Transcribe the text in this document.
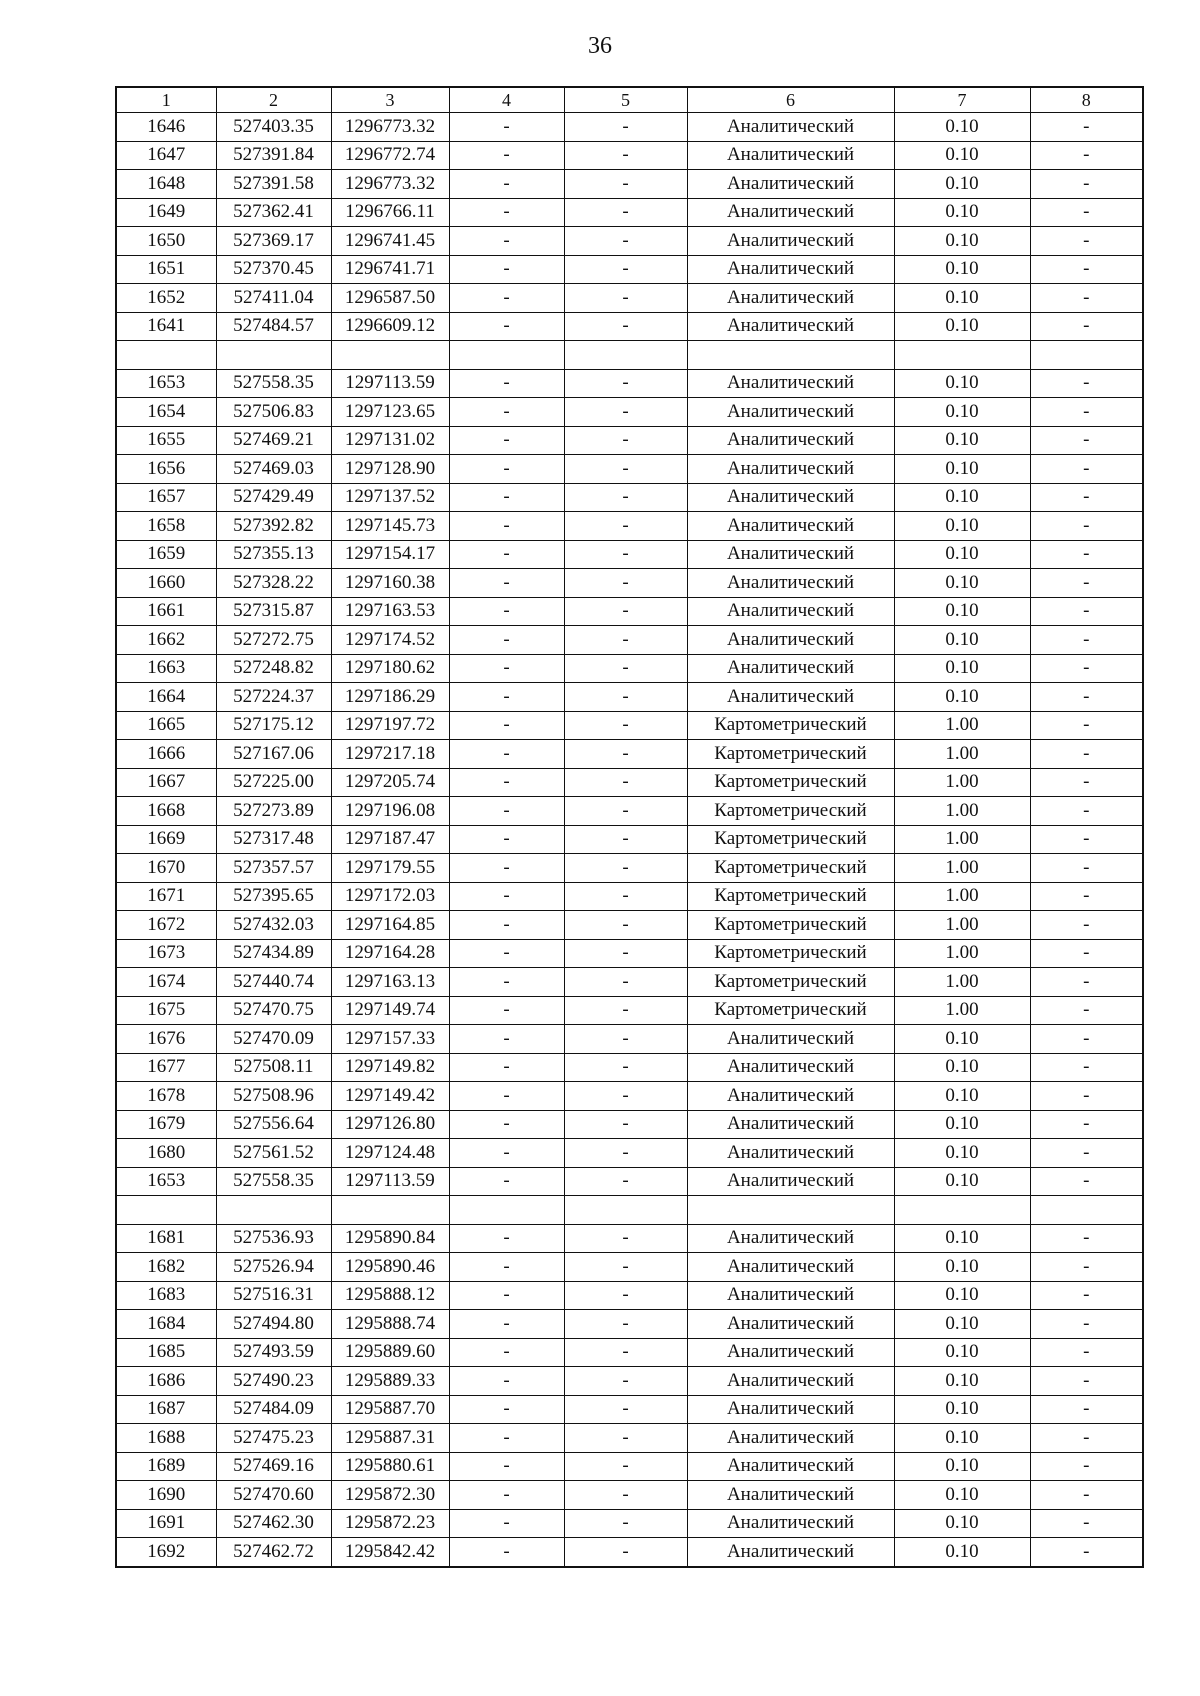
36
1	2	3	4	5	6	7	8
1646	527403.35	1296773.32	-	-	Аналитический	0.10	-
1647	527391.84	1296772.74	-	-	Аналитический	0.10	-
1648	527391.58	1296773.32	-	-	Аналитический	0.10	-
1649	527362.41	1296766.11	-	-	Аналитический	0.10	-
1650	527369.17	1296741.45	-	-	Аналитический	0.10	-
1651	527370.45	1296741.71	-	-	Аналитический	0.10	-
1652	527411.04	1296587.50	-	-	Аналитический	0.10	-
1641	527484.57	1296609.12	-	-	Аналитический	0.10	-

1653	527558.35	1297113.59	-	-	Аналитический	0.10	-
1654	527506.83	1297123.65	-	-	Аналитический	0.10	-
1655	527469.21	1297131.02	-	-	Аналитический	0.10	-
1656	527469.03	1297128.90	-	-	Аналитический	0.10	-
1657	527429.49	1297137.52	-	-	Аналитический	0.10	-
1658	527392.82	1297145.73	-	-	Аналитический	0.10	-
1659	527355.13	1297154.17	-	-	Аналитический	0.10	-
1660	527328.22	1297160.38	-	-	Аналитический	0.10	-
1661	527315.87	1297163.53	-	-	Аналитический	0.10	-
1662	527272.75	1297174.52	-	-	Аналитический	0.10	-
1663	527248.82	1297180.62	-	-	Аналитический	0.10	-
1664	527224.37	1297186.29	-	-	Аналитический	0.10	-
1665	527175.12	1297197.72	-	-	Картометрический	1.00	-
1666	527167.06	1297217.18	-	-	Картометрический	1.00	-
1667	527225.00	1297205.74	-	-	Картометрический	1.00	-
1668	527273.89	1297196.08	-	-	Картометрический	1.00	-
1669	527317.48	1297187.47	-	-	Картометрический	1.00	-
1670	527357.57	1297179.55	-	-	Картометрический	1.00	-
1671	527395.65	1297172.03	-	-	Картометрический	1.00	-
1672	527432.03	1297164.85	-	-	Картометрический	1.00	-
1673	527434.89	1297164.28	-	-	Картометрический	1.00	-
1674	527440.74	1297163.13	-	-	Картометрический	1.00	-
1675	527470.75	1297149.74	-	-	Картометрический	1.00	-
1676	527470.09	1297157.33	-	-	Аналитический	0.10	-
1677	527508.11	1297149.82	-	-	Аналитический	0.10	-
1678	527508.96	1297149.42	-	-	Аналитический	0.10	-
1679	527556.64	1297126.80	-	-	Аналитический	0.10	-
1680	527561.52	1297124.48	-	-	Аналитический	0.10	-
1653	527558.35	1297113.59	-	-	Аналитический	0.10	-

1681	527536.93	1295890.84	-	-	Аналитический	0.10	-
1682	527526.94	1295890.46	-	-	Аналитический	0.10	-
1683	527516.31	1295888.12	-	-	Аналитический	0.10	-
1684	527494.80	1295888.74	-	-	Аналитический	0.10	-
1685	527493.59	1295889.60	-	-	Аналитический	0.10	-
1686	527490.23	1295889.33	-	-	Аналитический	0.10	-
1687	527484.09	1295887.70	-	-	Аналитический	0.10	-
1688	527475.23	1295887.31	-	-	Аналитический	0.10	-
1689	527469.16	1295880.61	-	-	Аналитический	0.10	-
1690	527470.60	1295872.30	-	-	Аналитический	0.10	-
1691	527462.30	1295872.23	-	-	Аналитический	0.10	-
1692	527462.72	1295842.42	-	-	Аналитический	0.10	-
